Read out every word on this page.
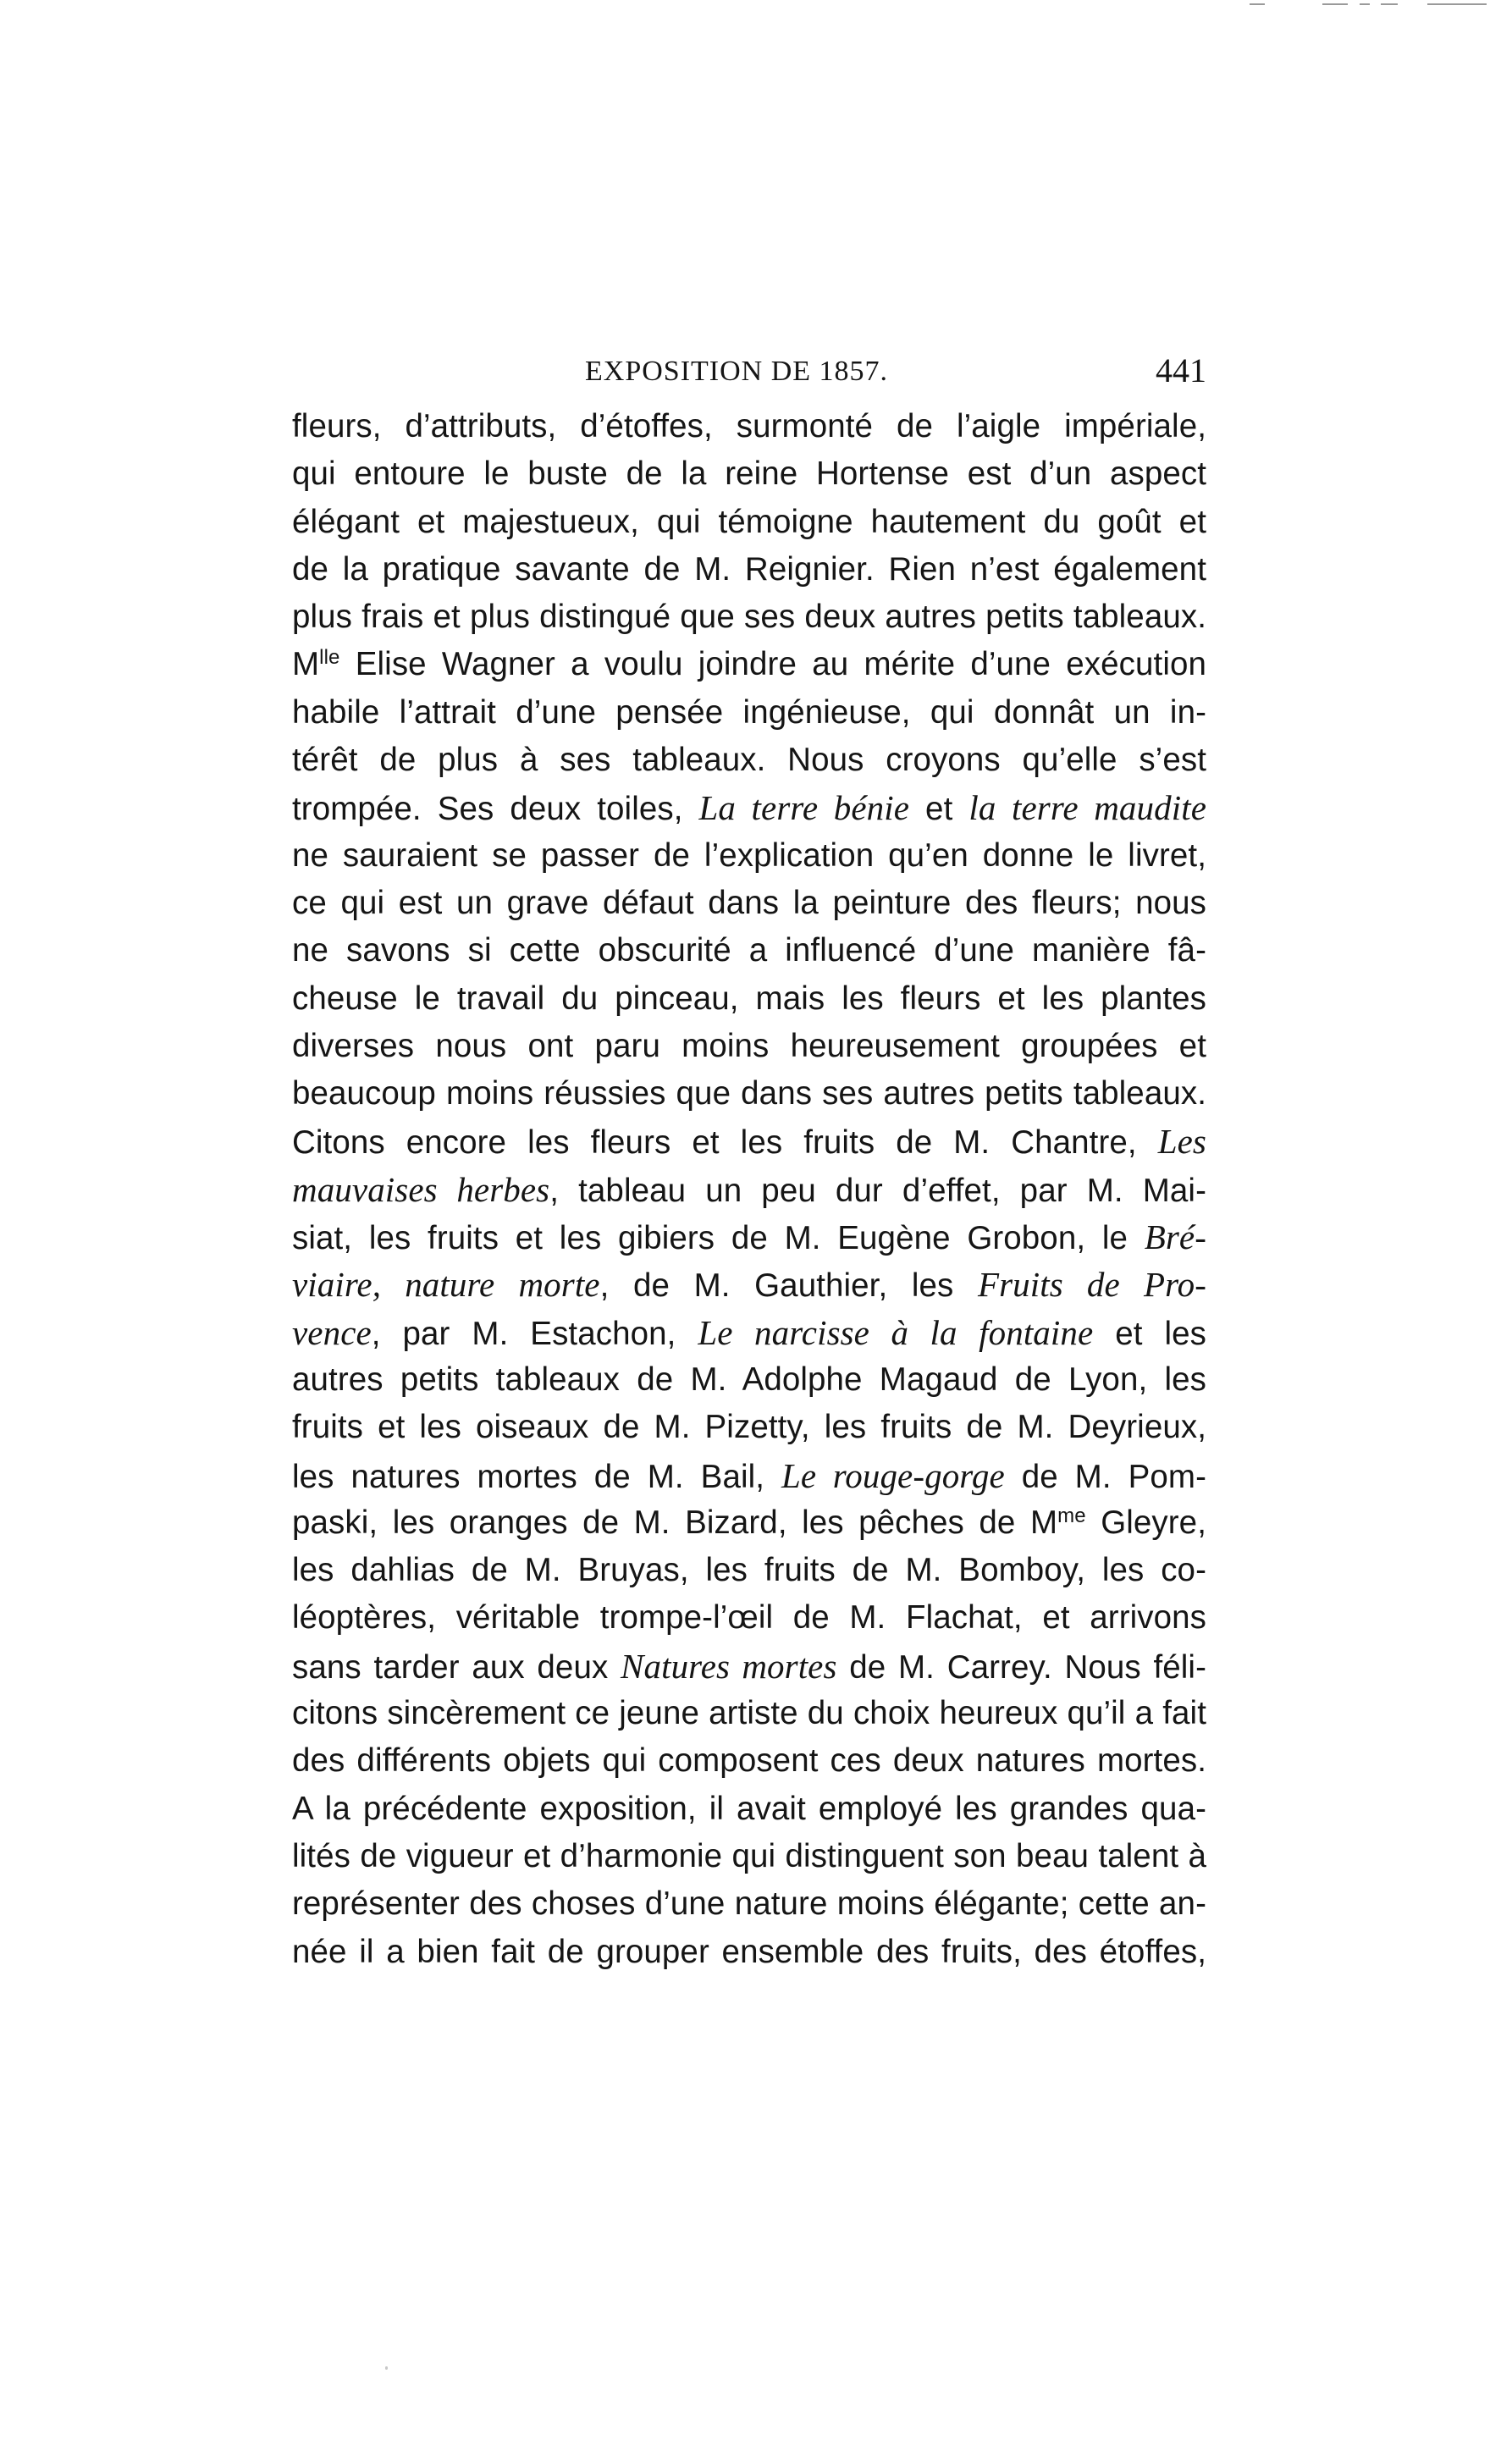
EXPOSITION DE 1857.	441
fleurs, d’attributs, d’étoffes, surmonté de l’aigle impériale,
qui entoure le buste de la reine Hortense est d’un aspect
élégant et majestueux, qui témoigne hautement du goût et
de la pratique savante de M. Reignier. Rien n’est également
plus frais et plus distingué que ses deux autres petits tableaux.
$M^{lle}$ Elise Wagner a voulu joindre au mérite d’une exécution
habile l’attrait d’une pensée ingénieuse, qui donnât un in-
térêt de plus à ses tableaux. Nous croyons qu’elle s’est
trompée. Ses deux toiles, La terre bénie et la terre maudite
ne sauraient se passer de l’explication qu’en donne le livret,
ce qui est un grave défaut dans la peinture des fleurs; nous
ne savons si cette obscurité a influencé d’une manière fâ-
cheuse le travail du pinceau, mais les fleurs et les plantes
diverses nous ont paru moins heureusement groupées et
beaucoup moins réussies que dans ses autres petits tableaux.
Citons encore les fleurs et les fruits de M. Chantre, Les
mauvaises herbes, tableau un peu dur d’effet, par M. Mai-
siat, les fruits et les gibiers de M. Eugène Grobon, le Bré-
viaire, nature morte, de M. Gauthier, les Fruits de Pro-
vence, par M. Estachon, Le narcisse à la fontaine et les
autres petits tableaux de M. Adolphe Magaud de Lyon, les
fruits et les oiseaux de M. Pizetty, les fruits de M. Deyrieux,
les natures mortes de M. Bail, Le rouge-gorge de M. Pom-
paski, les oranges de M. Bizard, les pêches de $M^{me}$ Gleyre,
les dahlias de M. Bruyas, les fruits de M. Bomboy, les co-
léoptères, véritable trompe-l’œil de M. Flachat, et arrivons
sans tarder aux deux Natures mortes de M. Carrey. Nous féli-
citons sincèrement ce jeune artiste du choix heureux qu’il a fait
des différents objets qui composent ces deux natures mortes.
A la précédente exposition, il avait employé les grandes qua-
lités de vigueur et d’harmonie qui distinguent son beau talent à
représenter des choses d’une nature moins élégante; cette an-
née il a bien fait de grouper ensemble des fruits, des étoffes,
